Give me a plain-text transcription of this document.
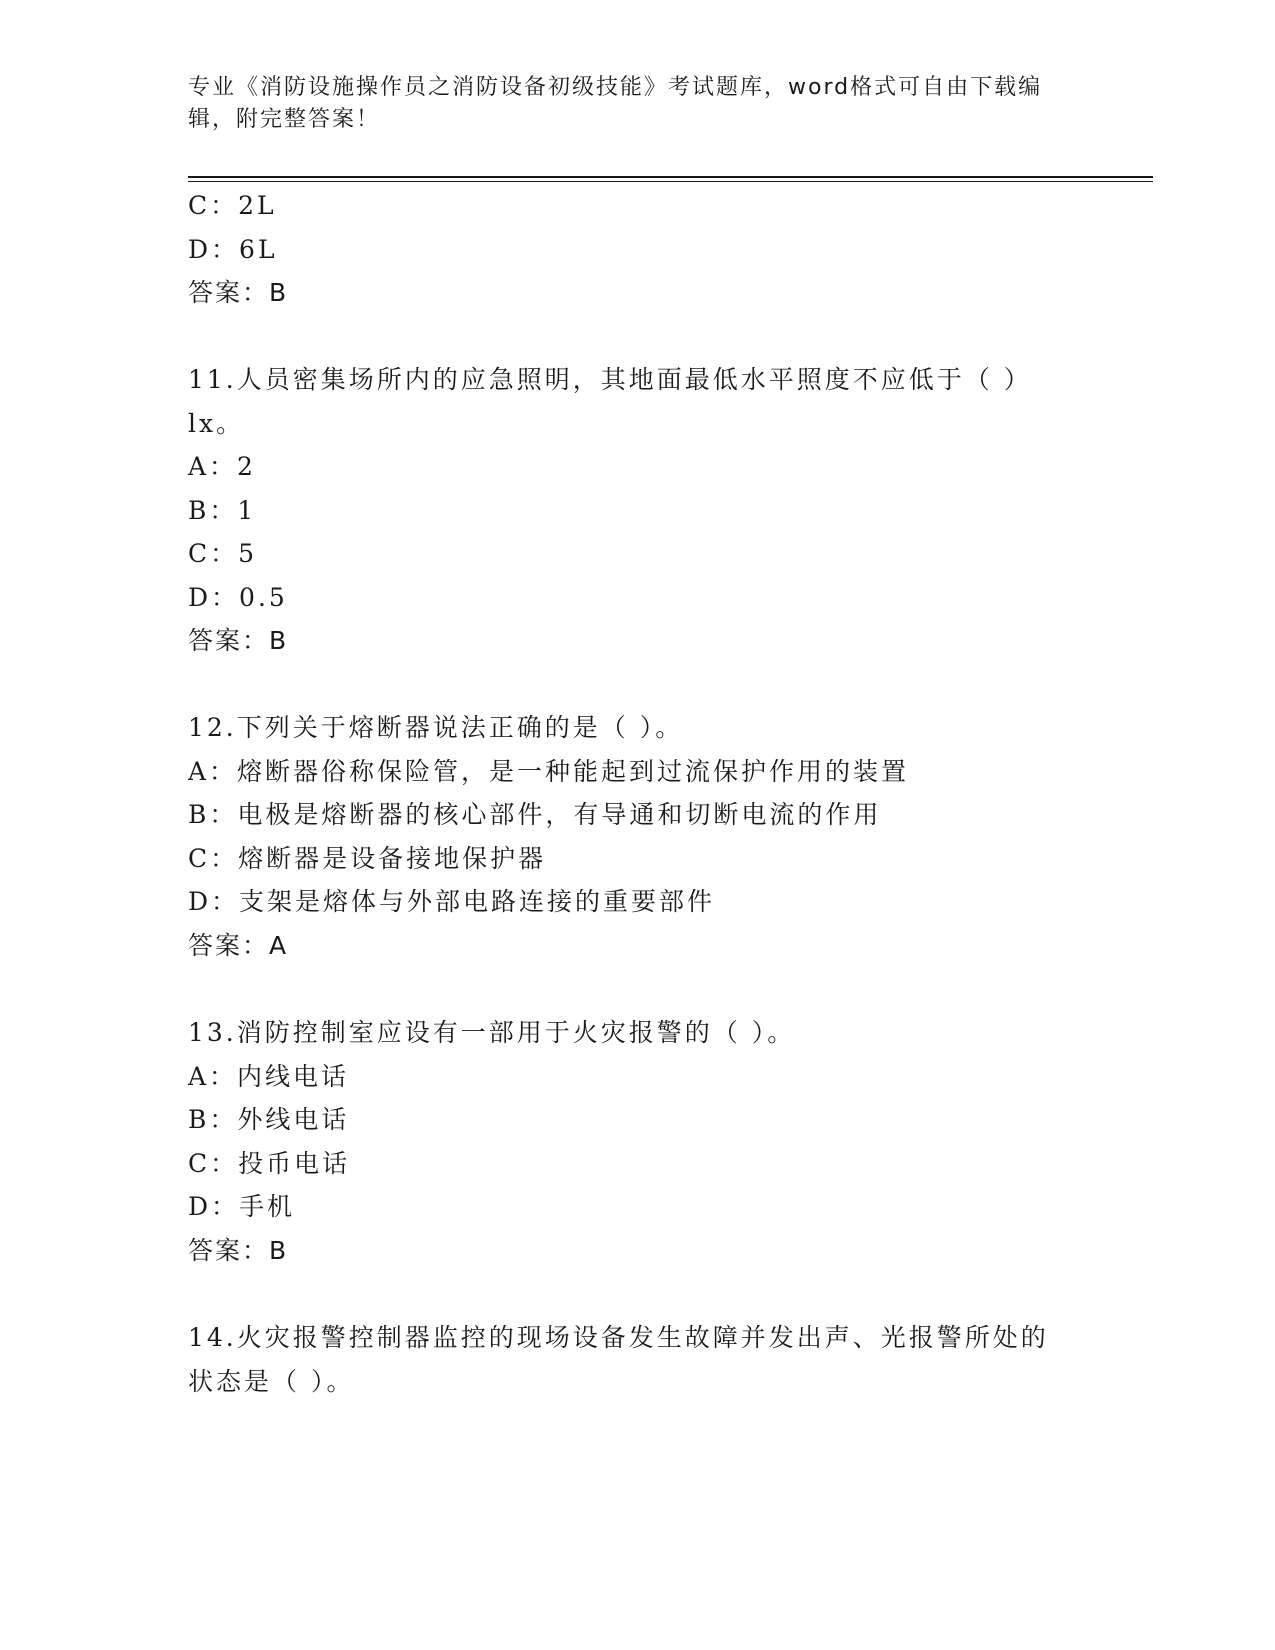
专业《消防设施操作员之消防设备初级技能》考试题库，word格式可自由下载编
辑，附完整答案！
C：2L
D：6L
答案：B
11.人员密集场所内的应急照明，其地面最低水平照度不应低于（ ）
lx。
A：2
B：1
C：5
D：0.5
答案：B
12.下列关于熔断器说法正确的是（ ）。
A：熔断器俗称保险管，是一种能起到过流保护作用的装置
B：电极是熔断器的核心部件，有导通和切断电流的作用
C：熔断器是设备接地保护器
D：支架是熔体与外部电路连接的重要部件
答案：A
13.消防控制室应设有一部用于火灾报警的（ ）。
A：内线电话
B：外线电话
C：投币电话
D：手机
答案：B
14.火灾报警控制器监控的现场设备发生故障并发出声、光报警所处的
状态是（ ）。
